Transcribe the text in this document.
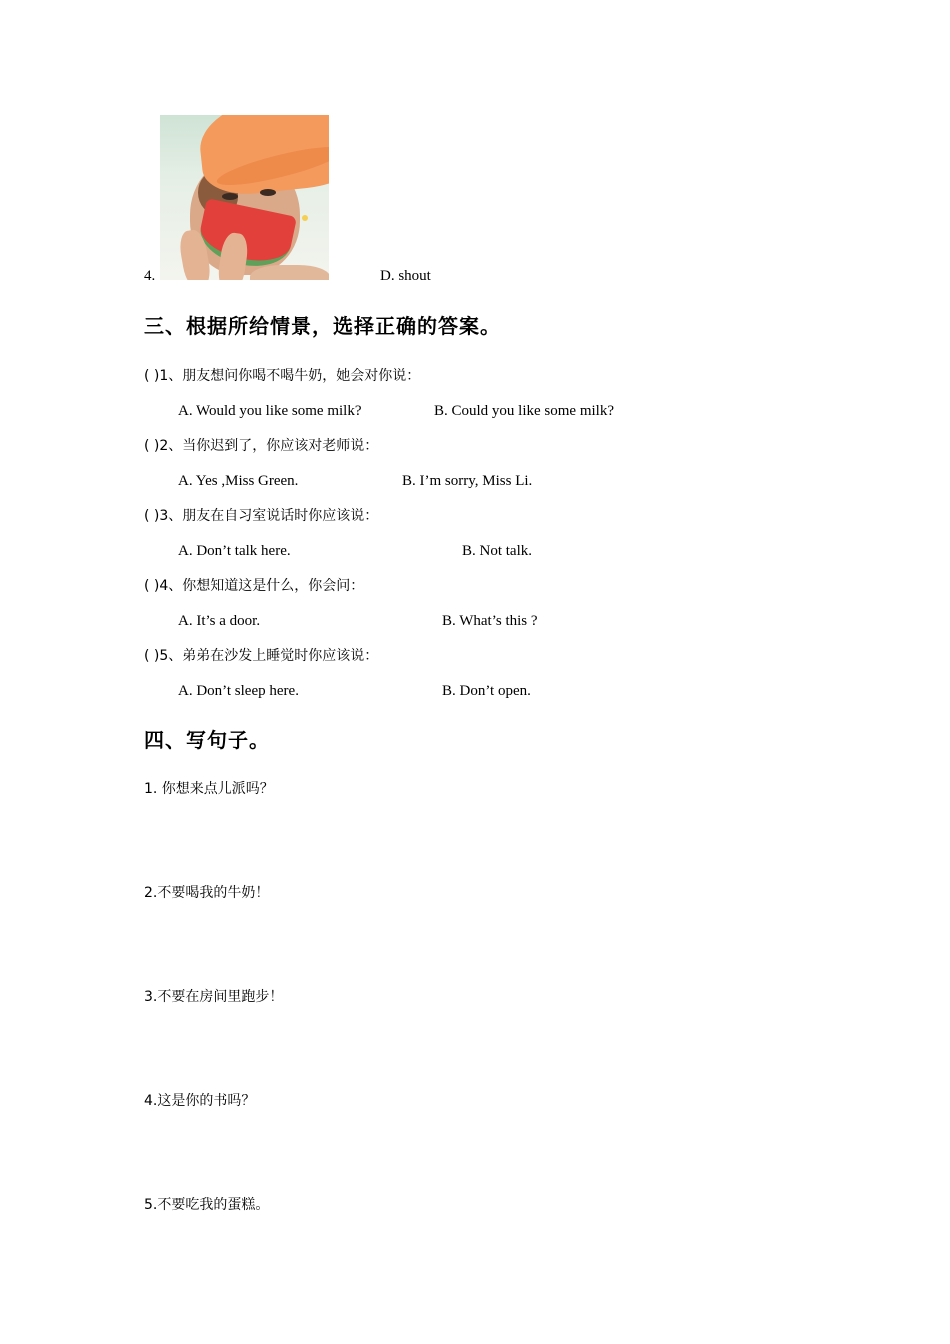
4.	D. shout
三、根据所给情景，选择正确的答案。
( )1、朋友想问你喝不喝牛奶，她会对你说：
A. Would you like some milk?	B. Could you like some milk?
( )2、当你迟到了，你应该对老师说：
A. Yes ,Miss Green.	B. I’m sorry, Miss Li.
( )3、朋友在自习室说话时你应该说：
A. Don’t talk here.	B. Not talk.
( )4、你想知道这是什么，你会问：
A. It’s a door.	B. What’s this ?
( )5、弟弟在沙发上睡觉时你应该说：
A. Don’t sleep here.	B. Don’t open.
四、写句子。
1. 你想来点儿派吗？
2.不要喝我的牛奶！
3.不要在房间里跑步！
4.这是你的书吗？
5.不要吃我的蛋糕。
